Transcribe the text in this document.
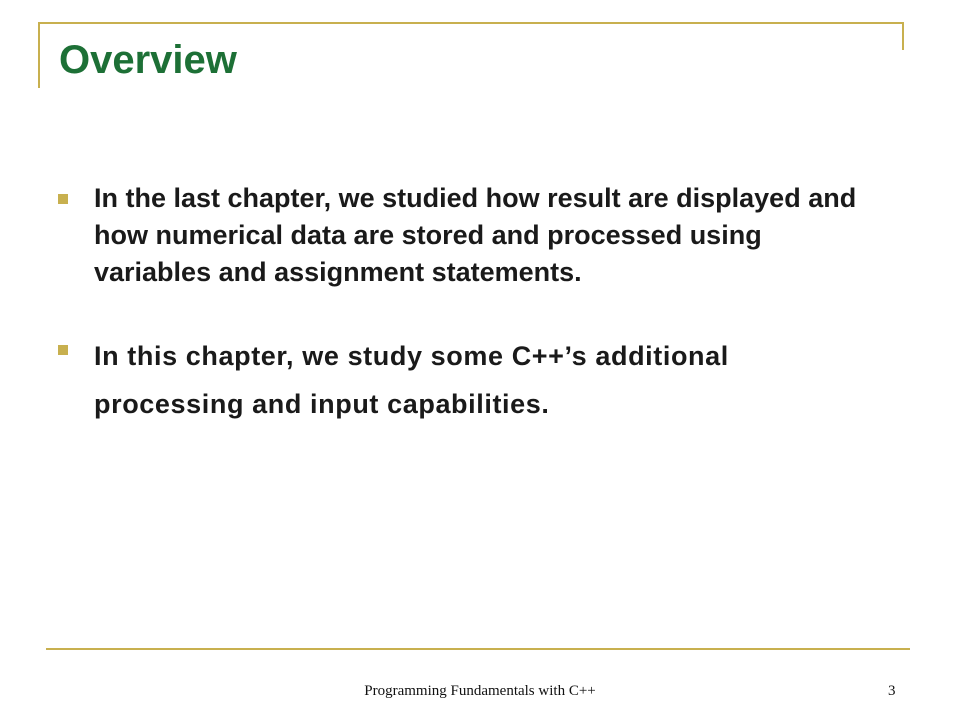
Overview
In the last chapter, we studied how result are displayed and how numerical data are stored and processed using variables and assignment statements.
In this chapter, we study some C++’s additional processing and input capabilities.
Programming Fundamentals with C++	3
